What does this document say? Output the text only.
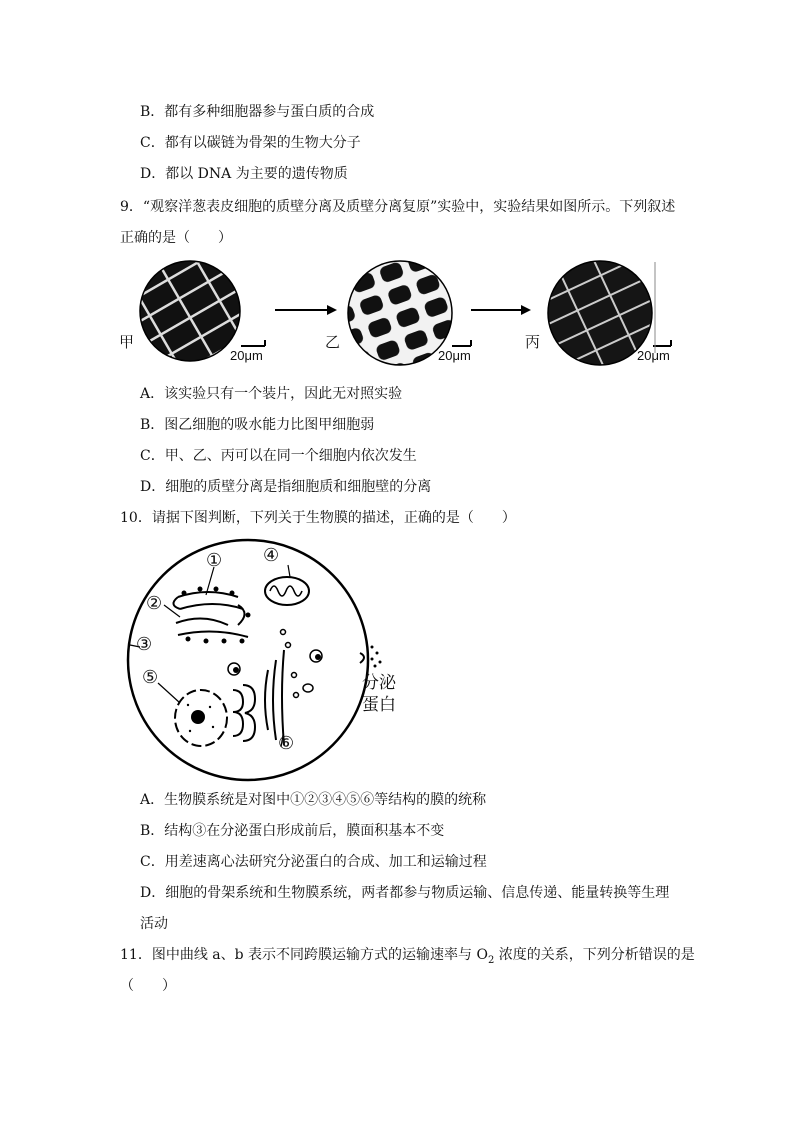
B．都有多种细胞器参与蛋白质的合成
C．都有以碳链为骨架的生物大分子
D．都以 DNA 为主要的遗传物质
9．“观察洋葱表皮细胞的质壁分离及质壁分离复原”实验中，实验结果如图所示。下列叙述
正确的是（　　）
甲
20μm
乙
20μm
丙
20μm
A．该实验只有一个装片，因此无对照实验
B．图乙细胞的吸水能力比图甲细胞弱
C．甲、乙、丙可以在同一个细胞内依次发生
D．细胞的质壁分离是指细胞质和细胞壁的分离
10．请据下图判断，下列关于生物膜的描述，正确的是（　　）
①
②
③
④
⑤
⑥
分泌
蛋白
A．生物膜系统是对图中①②③④⑤⑥等结构的膜的统称
B．结构③在分泌蛋白形成前后，膜面积基本不变
C．用差速离心法研究分泌蛋白的合成、加工和运输过程
D．细胞的骨架系统和生物膜系统，两者都参与物质运输、信息传递、能量转换等生理
活动
11．图中曲线 a、b 表示不同跨膜运输方式的运输速率与 $O_2$ 浓度的关系，下列分析错误的是
（　　）
